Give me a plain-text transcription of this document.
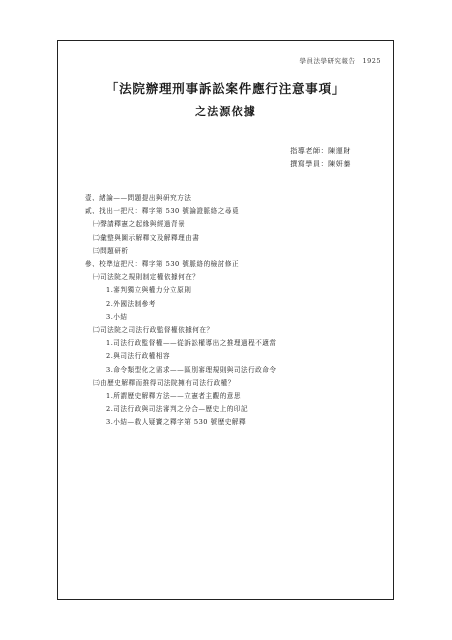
學員法學研究報告　1925
「法院辦理刑事訴訟案件應行注意事項」
之法源依據
指導老師：陳運財
撰寫學員：陳妍蓁
壹、緒論——問題提出與研究方法
貳、找出一把尺：釋字第 530 號論證脈絡之尋覓
㈠聲請釋憲之起緣與經過背景
㈡彙整與圖示解釋文及解釋理由書
㈢問題研析
參、校準這把尺：釋字第 530 號脈絡的檢討修正
㈠司法院之規則制定權依據何在？
1.審判獨立與權力分立原則
2.外國法制參考
3.小結
㈡司法院之司法行政監督權依據何在？
1.司法行政監督權——從訴訟權導出之推理過程不適當
2.與司法行政權相容
3.命令類型化之需求——區別審理規則與司法行政命令
㈢由歷史解釋而推得司法院擁有司法行政權？
1.所謂歷史解釋方法——立憲者主觀的意思
2.司法行政與司法審判之分合—歷史上的印記
3.小結—救人疑竇之釋字第 530 號歷史解釋
